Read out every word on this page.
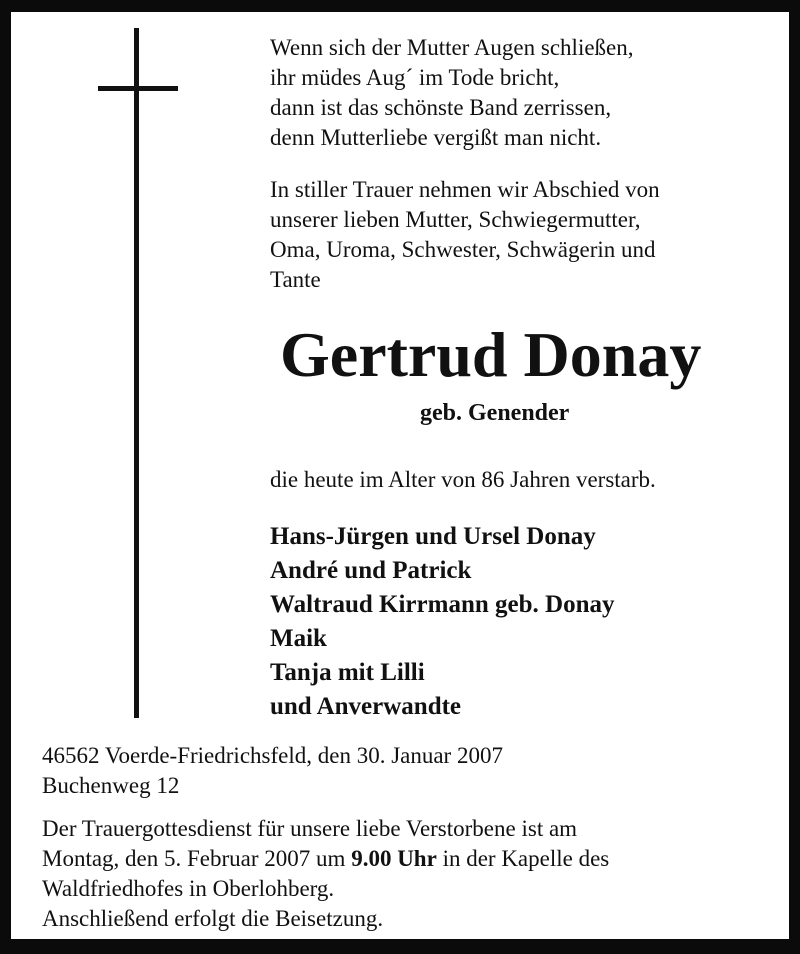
Wenn sich der Mutter Augen schließen,
ihr müdes Aug´ im Tode bricht,
dann ist das schönste Band zerrissen,
denn Mutterliebe vergißt man nicht.
In stiller Trauer nehmen wir Abschied von
unserer lieben Mutter, Schwiegermutter,
Oma, Uroma, Schwester, Schwägerin und
Tante
Gertrud Donay
geb. Genender
die heute im Alter von 86 Jahren verstarb.
Hans-Jürgen und Ursel Donay
André und Patrick
Waltraud Kirrmann geb. Donay
Maik
Tanja mit Lilli
und Anverwandte
46562 Voerde-Friedrichsfeld, den 30. Januar 2007
Buchenweg 12
Der Trauergottesdienst für unsere liebe Verstorbene ist am
Montag, den 5. Februar 2007 um 9.00 Uhr in der Kapelle des
Waldfriedhofes in Oberlohberg.
Anschließend erfolgt die Beisetzung.
